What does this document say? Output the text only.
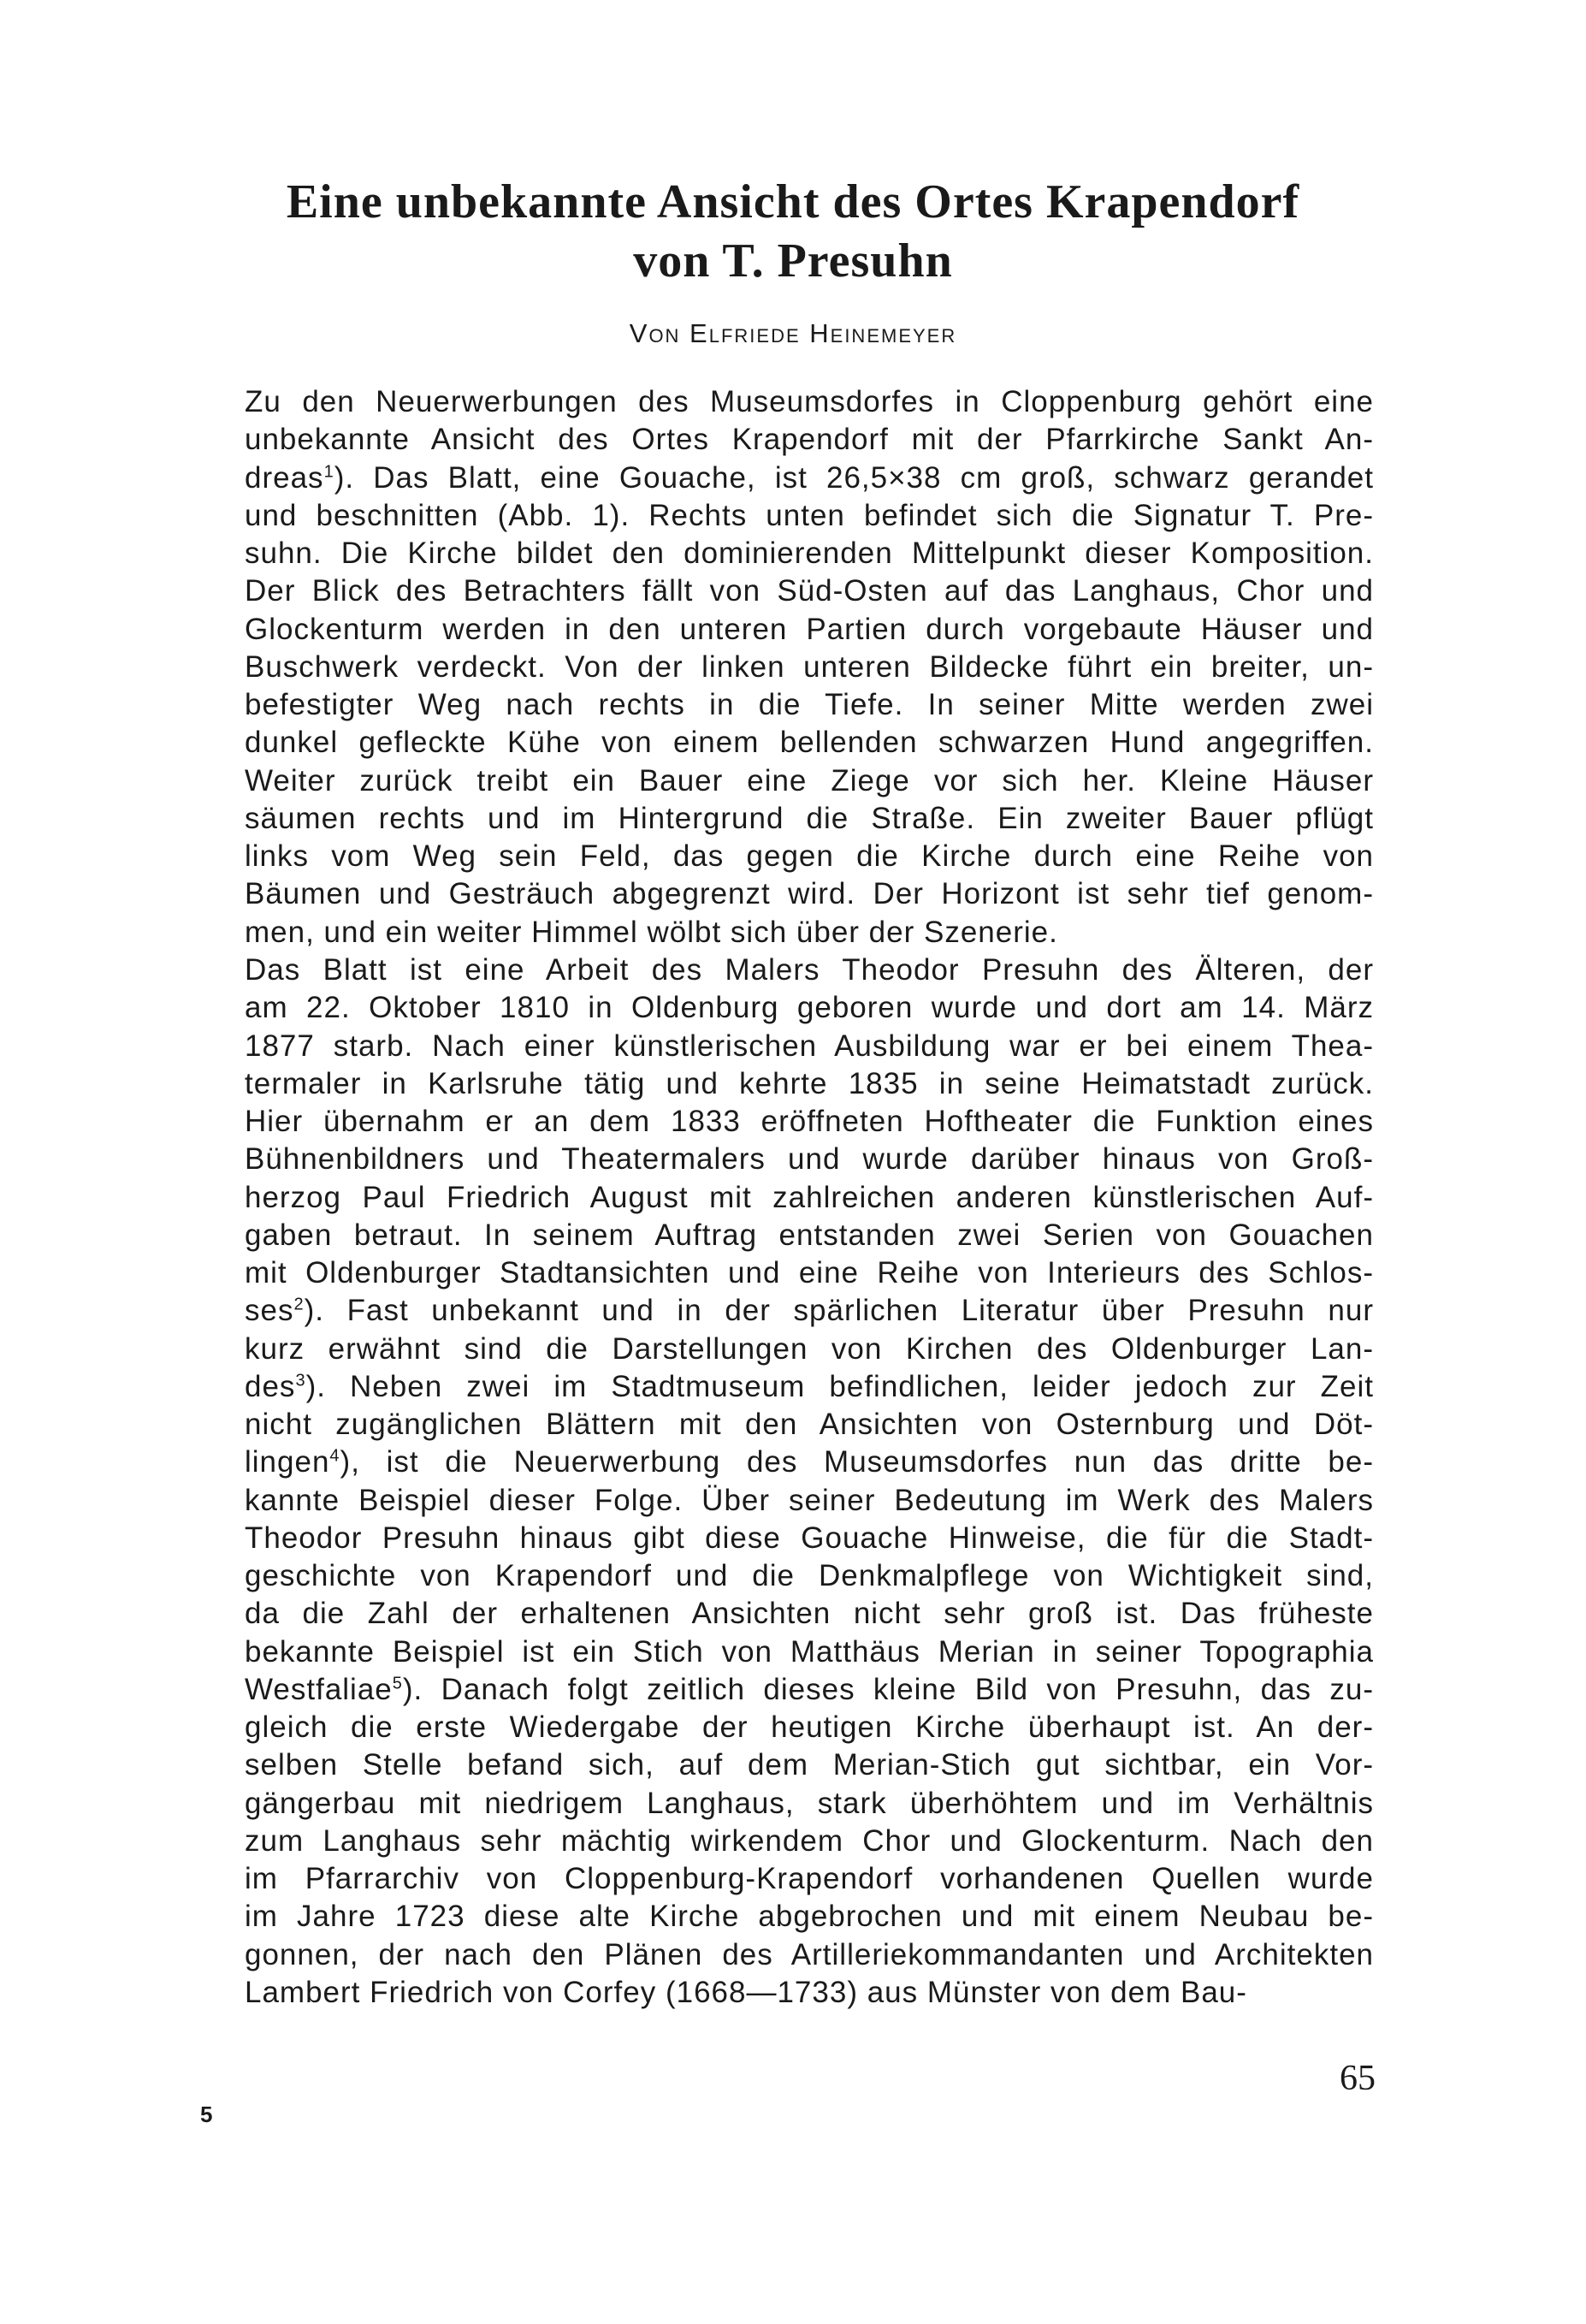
Eine unbekannte Ansicht des Ortes Krapendorf
von T. Presuhn

Von Elfriede Heinemeyer

Zu den Neuerwerbungen des Museumsdorfes in Cloppenburg gehört eine
unbekannte Ansicht des Ortes Krapendorf mit der Pfarrkirche Sankt An-
dreas$^1$). Das Blatt, eine Gouache, ist 26,5×38 cm groß, schwarz gerandet
und beschnitten (Abb. 1). Rechts unten befindet sich die Signatur T. Pre-
suhn. Die Kirche bildet den dominierenden Mittelpunkt dieser Komposition.
Der Blick des Betrachters fällt von Süd-Osten auf das Langhaus, Chor und
Glockenturm werden in den unteren Partien durch vorgebaute Häuser und
Buschwerk verdeckt. Von der linken unteren Bildecke führt ein breiter, un-
befestigter Weg nach rechts in die Tiefe. In seiner Mitte werden zwei
dunkel gefleckte Kühe von einem bellenden schwarzen Hund angegriffen.
Weiter zurück treibt ein Bauer eine Ziege vor sich her. Kleine Häuser
säumen rechts und im Hintergrund die Straße. Ein zweiter Bauer pflügt
links vom Weg sein Feld, das gegen die Kirche durch eine Reihe von
Bäumen und Gesträuch abgegrenzt wird. Der Horizont ist sehr tief genom-
men, und ein weiter Himmel wölbt sich über der Szenerie.
Das Blatt ist eine Arbeit des Malers Theodor Presuhn des Älteren, der
am 22. Oktober 1810 in Oldenburg geboren wurde und dort am 14. März
1877 starb. Nach einer künstlerischen Ausbildung war er bei einem Thea-
termaler in Karlsruhe tätig und kehrte 1835 in seine Heimatstadt zurück.
Hier übernahm er an dem 1833 eröffneten Hoftheater die Funktion eines
Bühnenbildners und Theatermalers und wurde darüber hinaus von Groß-
herzog Paul Friedrich August mit zahlreichen anderen künstlerischen Auf-
gaben betraut. In seinem Auftrag entstanden zwei Serien von Gouachen
mit Oldenburger Stadtansichten und eine Reihe von Interieurs des Schlos-
ses$^2$). Fast unbekannt und in der spärlichen Literatur über Presuhn nur
kurz erwähnt sind die Darstellungen von Kirchen des Oldenburger Lan-
des$^3$). Neben zwei im Stadtmuseum befindlichen, leider jedoch zur Zeit
nicht zugänglichen Blättern mit den Ansichten von Osternburg und Döt-
lingen$^4$), ist die Neuerwerbung des Museumsdorfes nun das dritte be-
kannte Beispiel dieser Folge. Über seiner Bedeutung im Werk des Malers
Theodor Presuhn hinaus gibt diese Gouache Hinweise, die für die Stadt-
geschichte von Krapendorf und die Denkmalpflege von Wichtigkeit sind,
da die Zahl der erhaltenen Ansichten nicht sehr groß ist. Das früheste
bekannte Beispiel ist ein Stich von Matthäus Merian in seiner Topographia
Westfaliae$^5$). Danach folgt zeitlich dieses kleine Bild von Presuhn, das zu-
gleich die erste Wiedergabe der heutigen Kirche überhaupt ist. An der-
selben Stelle befand sich, auf dem Merian-Stich gut sichtbar, ein Vor-
gängerbau mit niedrigem Langhaus, stark überhöhtem und im Verhältnis
zum Langhaus sehr mächtig wirkendem Chor und Glockenturm. Nach den
im Pfarrarchiv von Cloppenburg-Krapendorf vorhandenen Quellen wurde
im Jahre 1723 diese alte Kirche abgebrochen und mit einem Neubau be-
gonnen, der nach den Plänen des Artilleriekommandanten und Architekten
Lambert Friedrich von Corfey (1668—1733) aus Münster von dem Bau-

5

65
